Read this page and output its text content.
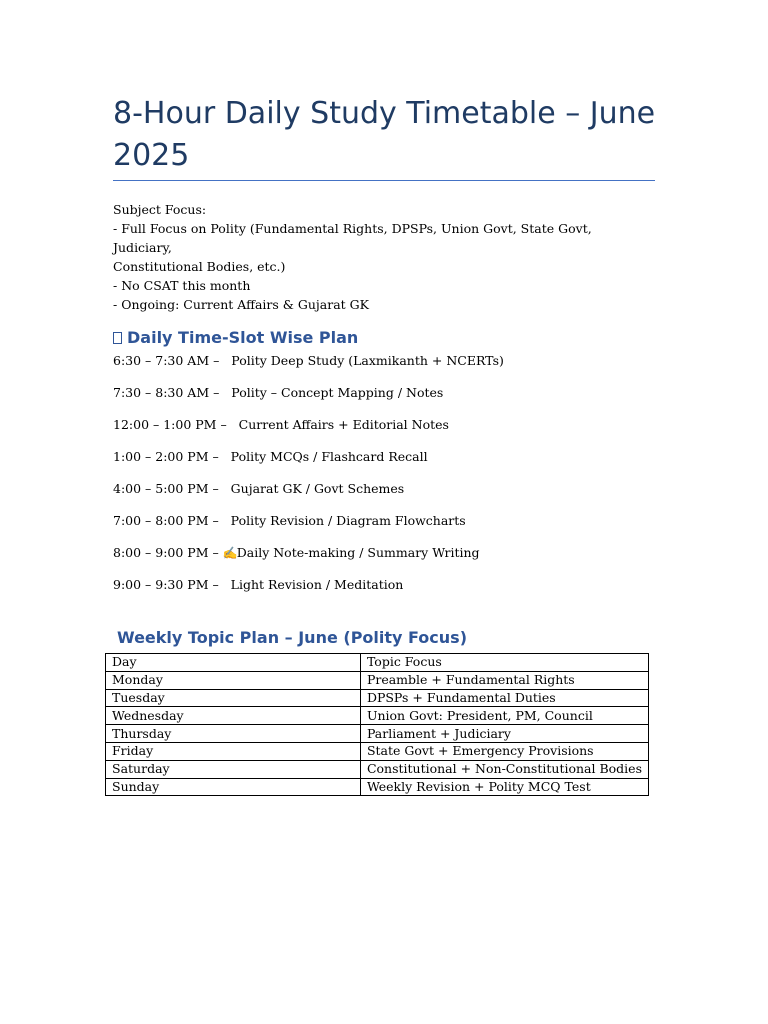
8-Hour Daily Study Timetable – June
2025
Subject Focus:
- Full Focus on Polity (Fundamental Rights, DPSPs, Union Govt, State Govt, Judiciary,
Constitutional Bodies, etc.)
- No CSAT this month
- Ongoing: Current Affairs & Gujarat GK
Daily Time-Slot Wise Plan
6:30 – 7:30 AM – Polity Deep Study (Laxmikanth + NCERTs)
7:30 – 8:30 AM – Polity – Concept Mapping / Notes
12:00 – 1:00 PM – Current Affairs + Editorial Notes
1:00 – 2:00 PM – Polity MCQs / Flashcard Recall
4:00 – 5:00 PM – Gujarat GK / Govt Schemes
7:00 – 8:00 PM – Polity Revision / Diagram Flowcharts
8:00 – 9:00 PM – ✍Daily Note-making / Summary Writing
9:00 – 9:30 PM – Light Revision / Meditation
Weekly Topic Plan – June (Polity Focus)
Day	Topic Focus
Monday	Preamble + Fundamental Rights
Tuesday	DPSPs + Fundamental Duties
Wednesday	Union Govt: President, PM, Council
Thursday	Parliament + Judiciary
Friday	State Govt + Emergency Provisions
Saturday	Constitutional + Non-Constitutional Bodies
Sunday	Weekly Revision + Polity MCQ Test
